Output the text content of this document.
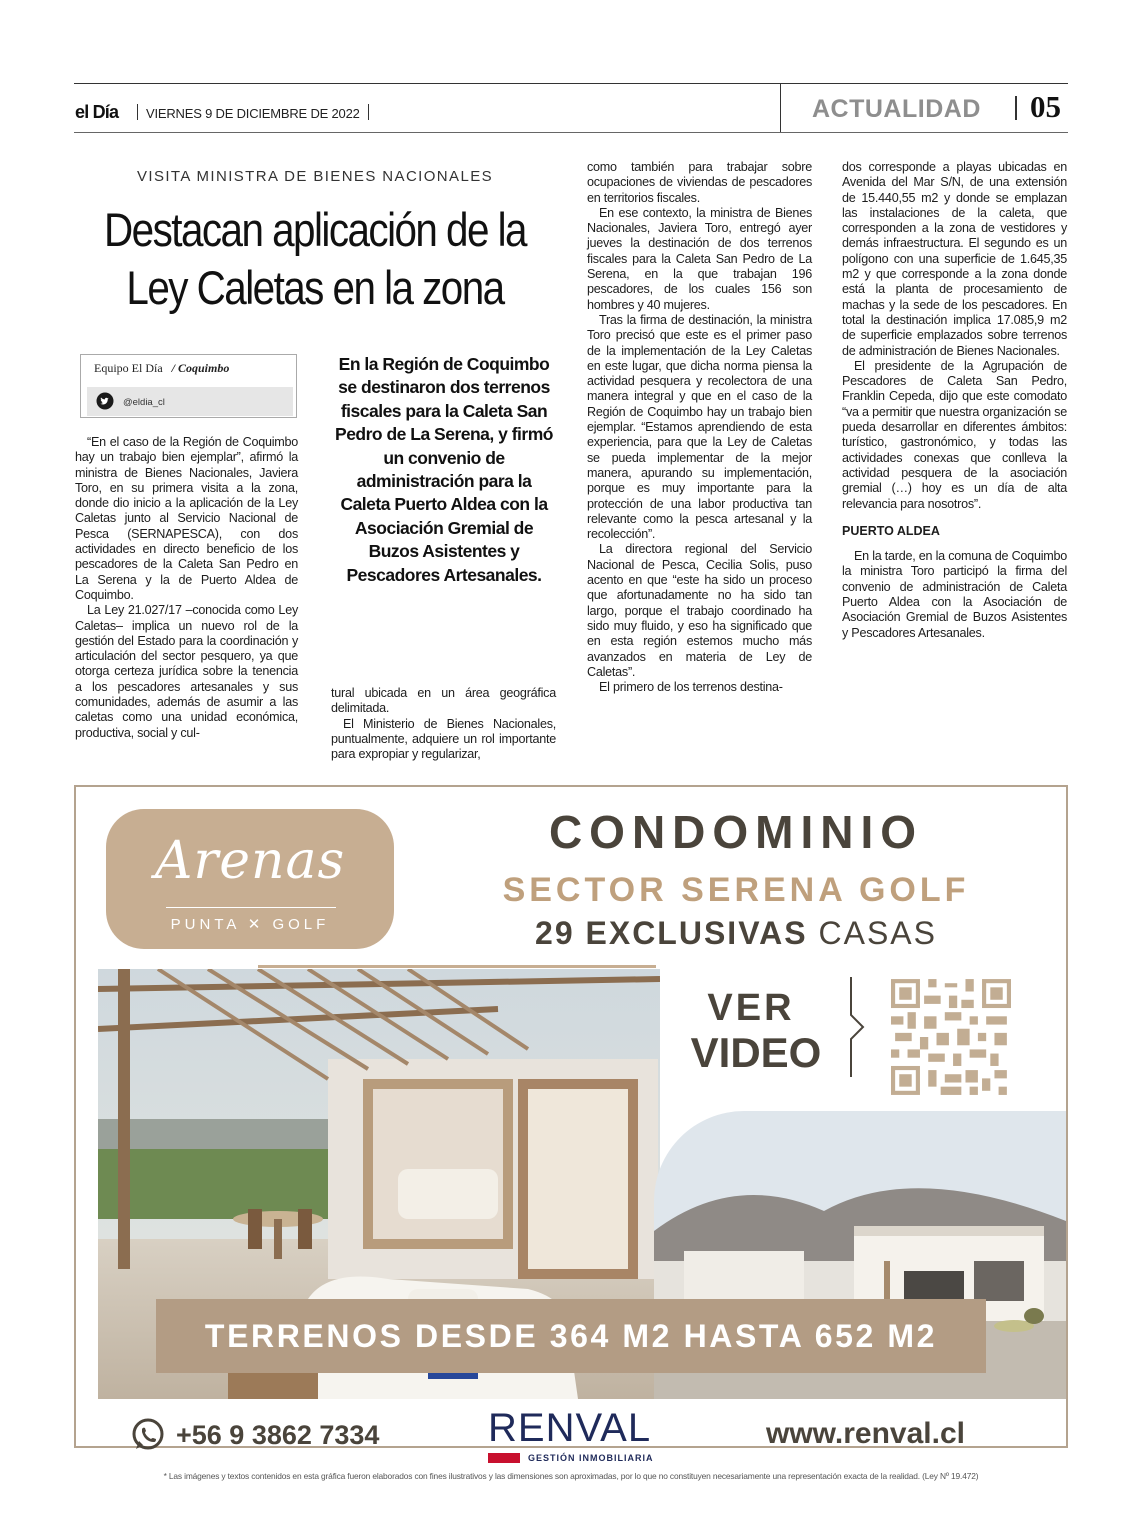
el Día VIERNES 9 DE DICIEMBRE DE 2022	ACTUALIDAD 05
VISITA MINISTRA DE BIENES NACIONALES
Destacan aplicación de la Ley Caletas en la zona
Equipo El Día / Coquimbo
@eldia_cl
En la Región de Coquimbo se destinaron dos terrenos fiscales para la Caleta San Pedro de La Serena, y firmó un convenio de administración para la Caleta Puerto Aldea con la Asociación Gremial de Buzos Asistentes y Pescadores Artesanales.

“En el caso de la Región de Coquimbo hay un trabajo bien ejemplar”, afirmó la ministra de Bienes Nacionales, Javiera Toro, en su primera visita a la zona, donde dio inicio a la aplicación de la Ley Caletas junto al Servicio Nacional de Pesca (SERNAPESCA), con dos actividades en directo beneficio de los pescadores de la Caleta San Pedro en La Serena y la de Puerto Aldea de Coquimbo.

La Ley 21.027/17 –conocida como Ley Caletas– implica un nuevo rol de la gestión del Estado para la coordinación y articulación del sector pesquero, ya que otorga certeza jurídica sobre la tenencia a los pescadores artesanales y sus comunidades, además de asumir a las caletas como una unidad económica, productiva, social y cul-

tural ubicada en un área geográfica delimitada.

El Ministerio de Bienes Nacionales, puntualmente, adquiere un rol importante para expropiar y regularizar,

como también para trabajar sobre ocupaciones de viviendas de pescadores en territorios fiscales.

En ese contexto, la ministra de Bienes Nacionales, Javiera Toro, entregó ayer jueves la destinación de dos terrenos fiscales para la Caleta San Pedro de La Serena, en la que trabajan 196 pescadores, de los cuales 156 son hombres y 40 mujeres.

Tras la firma de destinación, la ministra Toro precisó que este es el primer paso de la implementación de la Ley Caletas en este lugar, que dicha norma piensa la actividad pesquera y recolectora de una manera integral y que en el caso de la Región de Coquimbo hay un trabajo bien ejemplar. “Estamos aprendiendo de esta experiencia, para que la Ley de Caletas se pueda implementar de la mejor manera, apurando su implementación, porque es muy importante para la protección de una labor productiva tan relevante como la pesca artesanal y la recolección”.

La directora regional del Servicio Nacional de Pesca, Cecilia Solis, puso acento en que “este ha sido un proceso que afortunadamente no ha sido tan largo, porque el trabajo coordinado ha sido muy fluido, y eso ha significado que en esta región estemos mucho más avanzados en materia de Ley de Caletas”.

El primero de los terrenos destina-

dos corresponde a playas ubicadas en Avenida del Mar S/N, de una extensión de 15.440,55 m2 y donde se emplazan las instalaciones de la caleta, que corresponden a la zona de vestidores y demás infraestructura. El segundo es un polígono con una superficie de 1.645,35 m2 y que corresponde a la zona donde está la planta de procesamiento de machas y la sede de los pescadores. En total la destinación implica 17.085,9 m2 de superficie emplazados sobre terrenos de administración de Bienes Nacionales.

El presidente de la Agrupación de Pescadores de Caleta San Pedro, Franklin Cepeda, dijo que este comodato “va a permitir que nuestra organización se pueda desarrollar en diferentes ámbitos: turístico, gastronómico, y todas las actividades conexas que conlleva la actividad pesquera de la asociación gremial (…) hoy es un día de alta relevancia para nosotros”.

PUERTO ALDEA

En la tarde, en la comuna de Coquimbo la ministra Toro participó la firma del convenio de administración de Caleta Puerto Aldea con la Asociación de Asociación Gremial de Buzos Asistentes y Pescadores Artesanales.

Arenas
PUNTA ✕ GOLF
CONDOMINIO
SECTOR SERENA GOLF
29 EXCLUSIVAS CASAS
VER
VIDEO
TERRENOS DESDE 364 M2 HASTA 652 M2
+56 9 3862 7334	RENVAL
GESTIÓN INMOBILIARIA
www.renval.cl
* Las imágenes y textos contenidos en esta gráfica fueron elaborados con fines ilustrativos y las dimensiones son aproximadas, por lo que no constituyen necesariamente una representación exacta de la realidad. (Ley Nº 19.472)
